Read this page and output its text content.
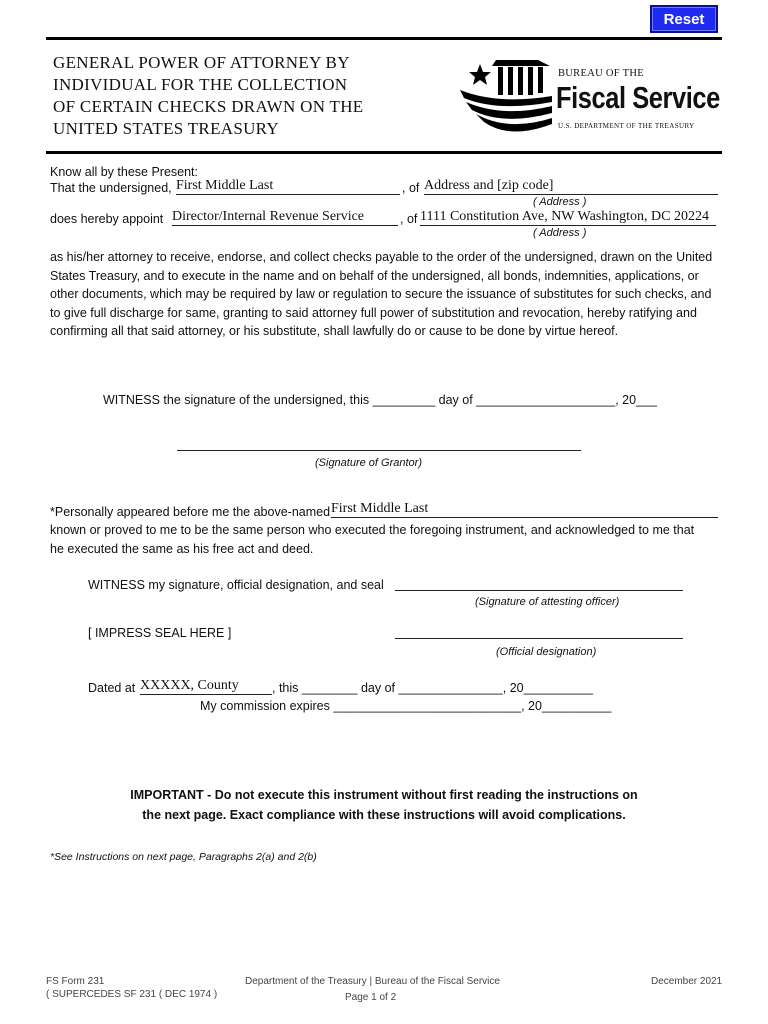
Reset
GENERAL POWER OF ATTORNEY BY
INDIVIDUAL FOR THE COLLECTION
OF CERTAIN CHECKS DRAWN ON THE
UNITED STATES TREASURY
BUREAU OF THE
Fiscal Service
U.S. DEPARTMENT OF THE TREASURY
Know all by these Present:
That the undersigned, First Middle Last	, of Address and [zip code]
( Address )
does hereby appoint Director/Internal Revenue Service	, of 1111 Constitution Ave, NW Washington, DC 20224
( Address )
as his/her attorney to receive, endorse, and collect checks payable to the order of the undersigned, drawn on the United States Treasury, and to execute in the name and on behalf of the undersigned, all bonds, indemnities, applications, or other documents, which may be required by law or regulation to secure the issuance of substitutes for such checks, and to give full discharge for same, granting to said attorney full power of substitution and revocation, hereby ratifying and confirming all that said attorney, or his substitute, shall lawfully do or cause to be done by virtue hereof.
WITNESS the signature of the undersigned, this _________ day of ____________________, 20___
(Signature of Grantor)
*Personally appeared before me the above-named First Middle Last
known or proved to me to be the same person who executed the foregoing instrument, and acknowledged to me that
he executed the same as his free act and deed.
WITNESS my signature, official designation, and seal
(Signature of attesting officer)
[ IMPRESS SEAL HERE ]
(Official designation)
Dated at XXXXX, County	, this ________ day of _______________, 20__________
My commission expires ___________________________, 20__________
IMPORTANT - Do not execute this instrument without first reading the instructions on
the next page. Exact compliance with these instructions will avoid complications.
*See Instructions on next page, Paragraphs 2(a) and 2(b)
FS Form 231
( SUPERCEDES SF 231 ( DEC 1974 )
Department of the Treasury | Bureau of the Fiscal Service
Page 1 of 2
December 2021
